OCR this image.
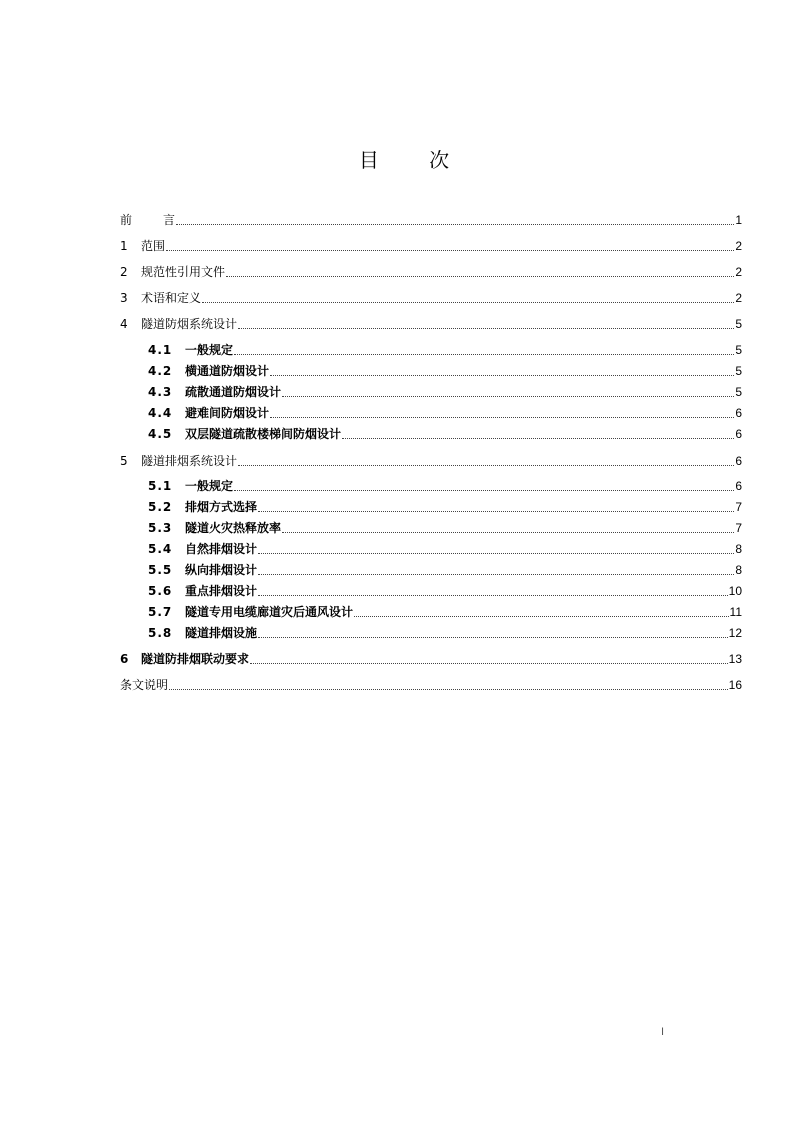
目 次
前	言	1
1	范围	2
2	规范性引用文件	2
3	术语和定义	2
4	隧道防烟系统设计	5
4.1	一般规定	5
4.2	横通道防烟设计	5
4.3	疏散通道防烟设计	5
4.4	避难间防烟设计	6
4.5	双层隧道疏散楼梯间防烟设计	6
5	隧道排烟系统设计	6
5.1	一般规定	6
5.2	排烟方式选择	7
5.3	隧道火灾热释放率	7
5.4	自然排烟设计	8
5.5	纵向排烟设计	8
5.6	重点排烟设计	10
5.7	隧道专用电缆廊道灾后通风设计	11
5.8	隧道排烟设施	12
6	隧道防排烟联动要求	13
条文说明	16
I
